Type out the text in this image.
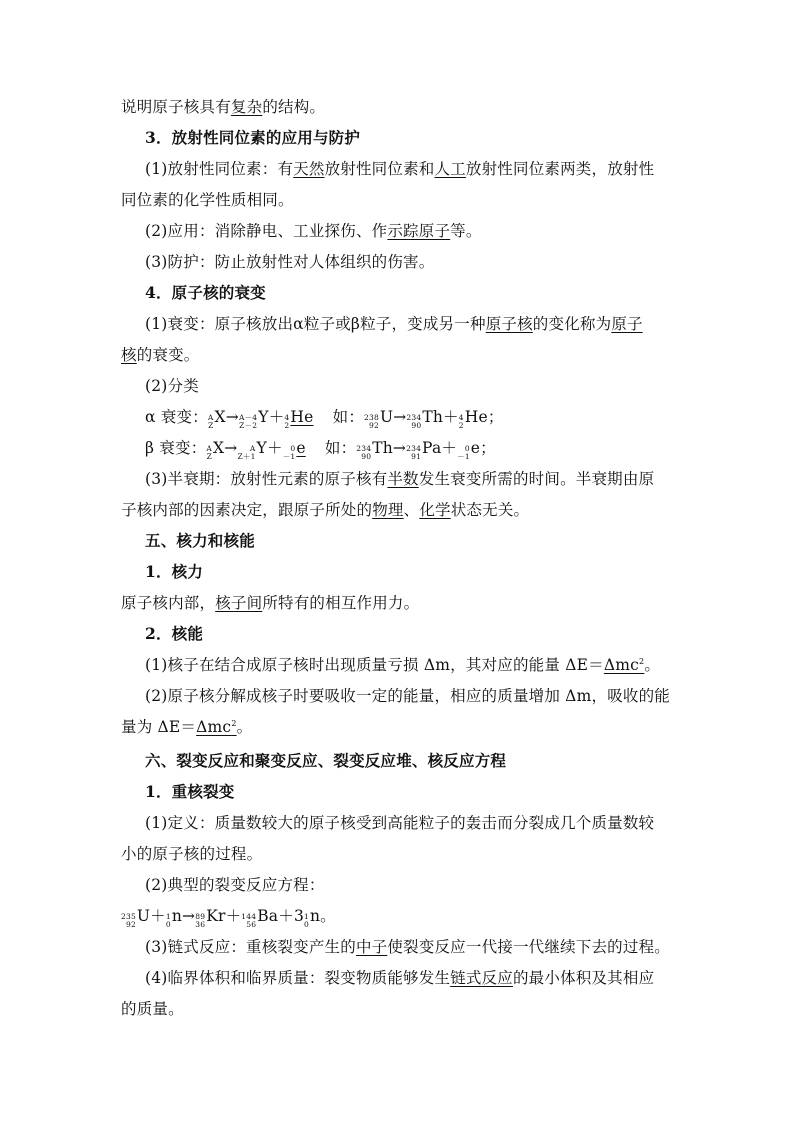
说明原子核具有复杂的结构。
3．放射性同位素的应用与防护
(1)放射性同位素：有天然放射性同位素和人工放射性同位素两类，放射性
同位素的化学性质相同。
(2)应用：消除静电、工业探伤、作示踪原子等。
(3)防护：防止放射性对人体组织的伤害。
4．原子核的衰变
(1)衰变：原子核放出α粒子或β粒子，变成另一种原子核的变化称为原子
核的衰变。
(2)分类
α 衰变： A
Z X→ A－4
Z－2 Y＋ 4
2 He 如： 238
92 U→ 234
90 Th＋ 4
2 He；
β 衰变： A
Z X→	A
Z＋1 Y＋	0
－1 e 如： 234
90 Th→ 234
91 Pa＋	0
－1 e；
(3)半衰期：放射性元素的原子核有半数发生衰变所需的时间。半衰期由原
子核内部的因素决定，跟原子所处的物理、化学状态无关。
五、核力和核能
1．核力
原子核内部，核子间所特有的相互作用力。
2．核能
(1)核子在结合成原子核时出现质量亏损 Δm，其对应的能量 ΔE＝Δmc$^2$。
(2)原子核分解成核子时要吸收一定的能量，相应的质量增加 Δm，吸收的能
量为 ΔE＝Δmc$^2$。
六、裂变反应和聚变反应、裂变反应堆、核反应方程
1．重核裂变
(1)定义：质量数较大的原子核受到高能粒子的轰击而分裂成几个质量数较
小的原子核的过程。
(2)典型的裂变反应方程：
235
92 U＋ 1
0 n→ 89
36 Kr＋ 144
56 Ba＋3 1
0 n。
(3)链式反应：重核裂变产生的中子使裂变反应一代接一代继续下去的过程。
(4)临界体积和临界质量：裂变物质能够发生链式反应的最小体积及其相应
的质量。
